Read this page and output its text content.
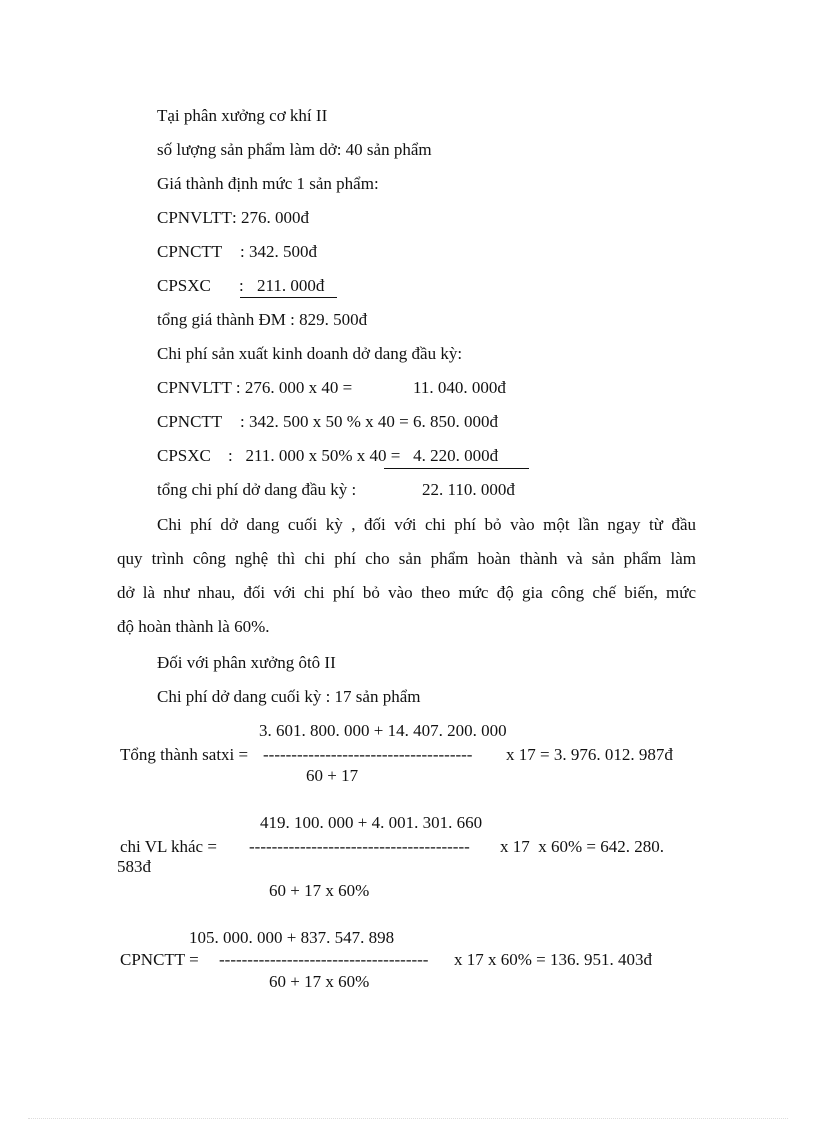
Tại phân xưởng cơ khí II
số lượng sản phẩm làm dở: 40 sản phẩm
Giá thành định mức 1 sản phẩm:
CPNVLTT : 276. 000đ
CPNCTT : 342. 500đ
CPSXC : 211. 000đ
tổng giá thành ĐM : 829. 500đ
Chi phí sản xuất kinh doanh dở dang đầu kỳ:
CPNVLTT : 276. 000 x 40 =	11. 040. 000đ
CPNCTT : 342. 500 x 50 % x 40 = 6. 850. 000đ
CPSXC :   211. 000 x 50% x 40 =   4. 220. 000đ
tổng chi phí dở dang đầu kỳ :	22. 110. 000đ
Chi phí dở dang cuối kỳ , đối với chi phí bỏ vào một lần ngay từ đầu
quy trình công nghệ thì chi phí cho sản phẩm hoàn thành và sản phẩm làm
dở là như nhau, đối với chi phí bỏ vào theo mức độ gia công chế biến, mức
độ hoàn thành là 60%.
Đối với phân xưởng ôtô II
Chi phí dở dang cuối kỳ : 17 sản phẩm
3. 601. 800. 000 + 14. 407. 200. 000
Tổng thành satxi = ------------------------------------- x 17 = 3. 976. 012. 987đ
60 + 17
419. 100. 000 + 4. 001. 301. 660
chi VL khác = --------------------------------------- x 17  x 60% = 642. 280.
583đ
60 + 17 x 60%
105. 000. 000 + 837. 547. 898
CPNCTT = ------------------------------------- x 17 x 60% = 136. 951. 403đ
60 + 17 x 60%
